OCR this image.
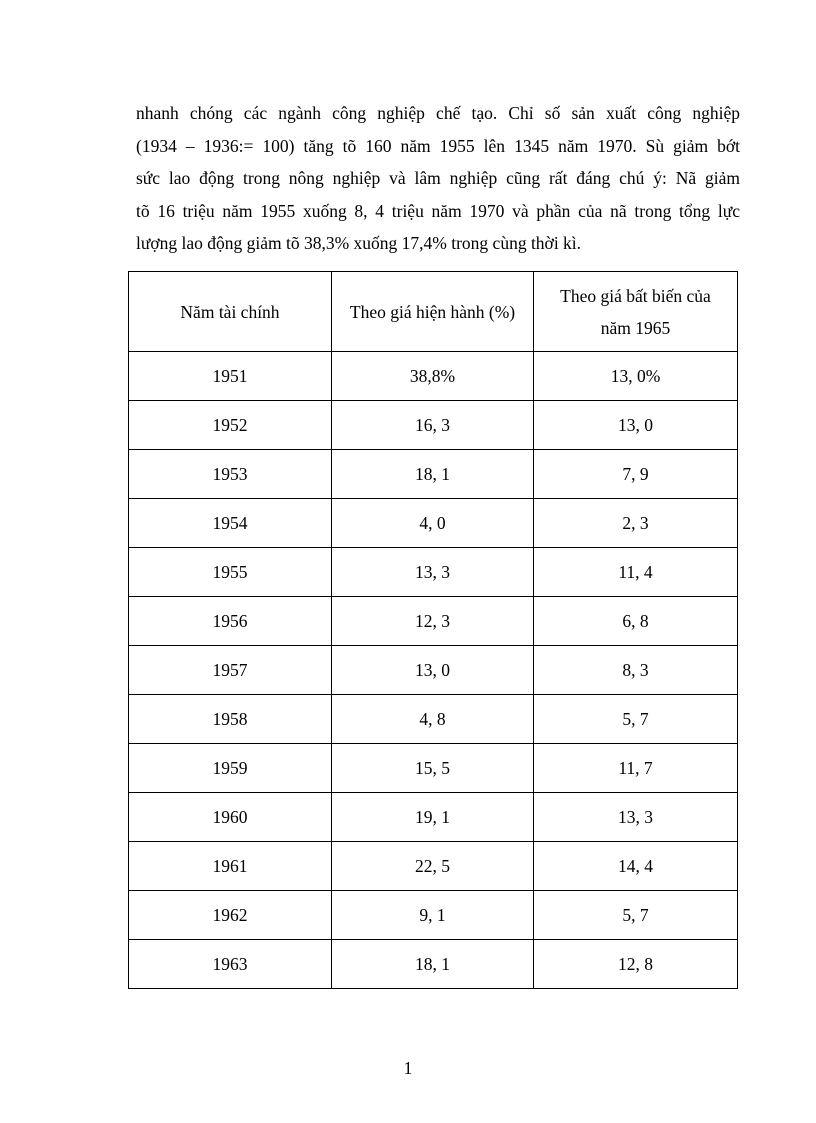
nhanh chóng các ngành công nghiệp chế tạo. Chỉ số sản xuất công nghiệp
(1934 – 1936:= 100) tăng tõ 160 năm 1955 lên 1345 năm 1970. Sù giảm bớt
sức lao động trong nông nghiệp và lâm nghiệp cũng rất đáng chú ý: Nã giảm
tõ 16 triệu năm 1955 xuống 8, 4 triệu năm 1970 và phần của nã trong tổng lực
lượng lao động giảm tõ 38,3% xuống 17,4% trong cùng thời kì.
Năm tài chính	Theo giá hiện hành (%)	Theo giá bất biến của
năm 1965
1951	38,8%	13, 0%
1952	16, 3	13, 0
1953	18, 1	7, 9
1954	4, 0	2, 3
1955	13, 3	11, 4
1956	12, 3	6, 8
1957	13, 0	8, 3
1958	4, 8	5, 7
1959	15, 5	11, 7
1960	19, 1	13, 3
1961	22, 5	14, 4
1962	9, 1	5, 7
1963	18, 1	12, 8
1
